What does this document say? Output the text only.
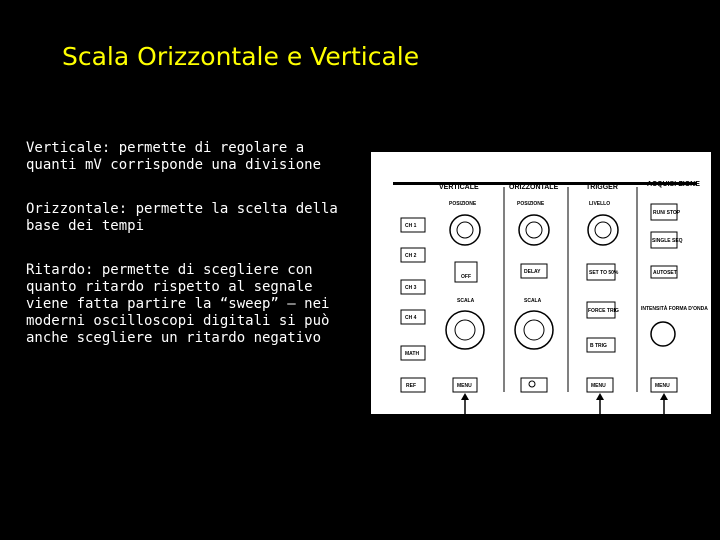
Scala Orizzontale e Verticale
Verticale: permette di regolare a quanti mV corrisponde una divisione
Orizzontale: permette la scelta della base dei tempi
Ritardo: permette di scegliere con quanto ritardo rispetto al segnale viene fatta partire la “sweep” – nei moderni oscilloscopi digitali si può anche scegliere un ritardo negativo
VERTICALE	ORIZZONTALE	TRIGGER	ACQUISI-ZIONE
POSIZIONE	POSIZIONE	LIVELLO
SCALA	SCALA
CH 1
CH 2
CH 3
CH 4
MATH
REF
OFF
MENU
DELAY	SET TO 50%
FORCE TRIG
B TRIG
MENU
RUN/ STOP
SINGLE SEQ
AUTOSET
INTENSITÀ FORMA D'ONDA
MENU
